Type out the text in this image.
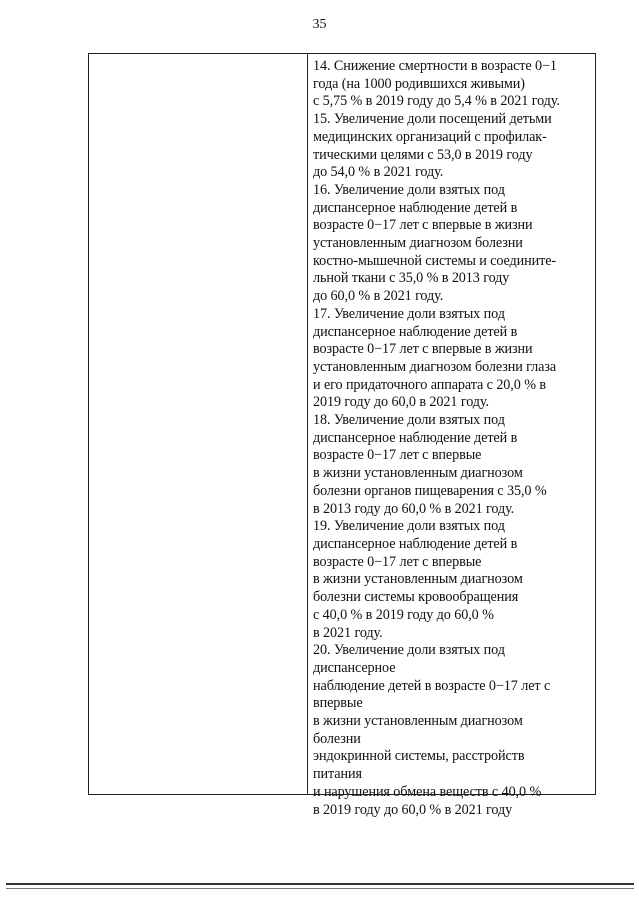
35
14. Снижение смертности в возрасте 0−1
года (на 1000 родившихся живыми)
с 5,75 % в 2019 году до 5,4 % в 2021 году.
15. Увеличение доли посещений детьми
медицинских организаций с профилак-
тическими целями с 53,0 в 2019 году
до 54,0 % в 2021 году.
16. Увеличение доли взятых под
диспансерное наблюдение детей в
возрасте 0−17 лет с впервые в жизни
установленным диагнозом болезни
костно-мышечной системы и соедините-
льной ткани с 35,0 % в 2013 году
до 60,0 % в 2021 году.
17. Увеличение доли взятых под
диспансерное наблюдение детей в
возрасте 0−17 лет с впервые в жизни
установленным диагнозом болезни глаза
и его придаточного аппарата с 20,0 % в
2019 году до 60,0 в 2021 году.
18. Увеличение доли взятых под
диспансерное наблюдение детей в
возрасте 0−17 лет с впервые
в жизни установленным диагнозом
болезни органов пищеварения с 35,0 %
в 2013 году до 60,0 % в 2021 году.
19. Увеличение доли взятых под
диспансерное наблюдение детей в
возрасте 0−17 лет с впервые
в жизни установленным диагнозом
болезни системы кровообращения
с 40,0 % в 2019 году до 60,0 %
в 2021 году.
20. Увеличение доли взятых под
диспансерное
наблюдение детей в возрасте 0−17 лет с
впервые
в жизни установленным диагнозом
болезни
эндокринной системы, расстройств
питания
и нарушения обмена веществ с 40,0 %
в 2019 году до 60,0 % в 2021 году
